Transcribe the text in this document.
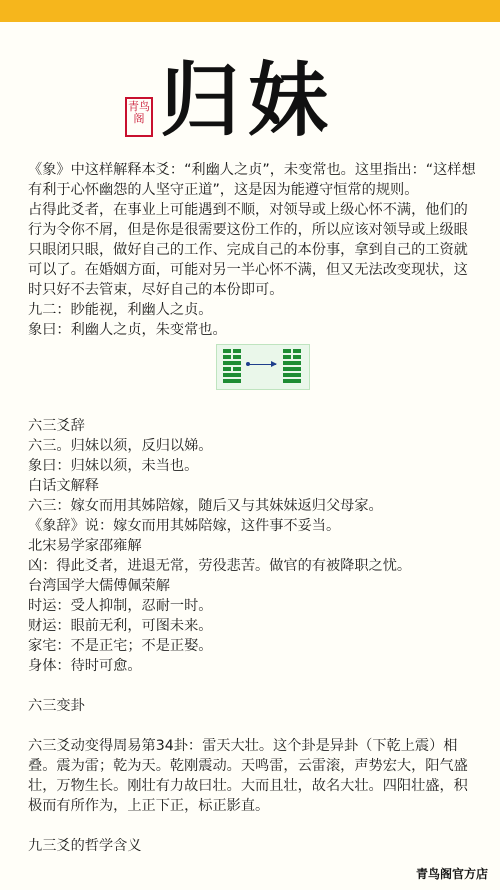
青鸟阁 归妹

《象》中这样解释本爻：“利幽人之贞”，未变常也。这里指出：“这样想有利于心怀幽怨的人坚守正道”，这是因为能遵守恒常的规则。

占得此爻者，在事业上可能遇到不顺，对领导或上级心怀不满，他们的行为令你不屑，但是你是很需要这份工作的，所以应该对领导或上级眼只眼闭只眼，做好自己的工作、完成自己的本份事，拿到自己的工资就可以了。在婚姻方面，可能对另一半心怀不满，但又无法改变现状，这时只好不去管束，尽好自己的本份即可。

九二：眇能视，利幽人之贞。

象曰：利幽人之贞，朱变常也。

六三爻辞

六三。归妹以须，反归以娣。

象曰：归妹以须，未当也。

白话文解释

六三：嫁女而用其姊陪嫁，随后又与其妹妹返归父母家。

《象辞》说：嫁女而用其姊陪嫁，这件事不妥当。

北宋易学家邵雍解

凶：得此爻者，进退无常，劳役悲苦。做官的有被降职之忧。

台湾国学大儒傅佩荣解

时运：受人抑制，忍耐一时。

财运：眼前无利，可图未来。

家宅：不是正宅；不是正娶。

身体：待时可愈。

六三变卦

六三爻动变得周易第34卦：雷天大壮。这个卦是异卦（下乾上震）相叠。震为雷；乾为天。乾刚震动。天鸣雷，云雷滚，声势宏大，阳气盛壮，万物生长。刚壮有力故曰壮。大而且壮，故名大壮。四阳壮盛，积极而有所作为，上正下正，标正影直。

九三爻的哲学含义

青鸟阁官方店
